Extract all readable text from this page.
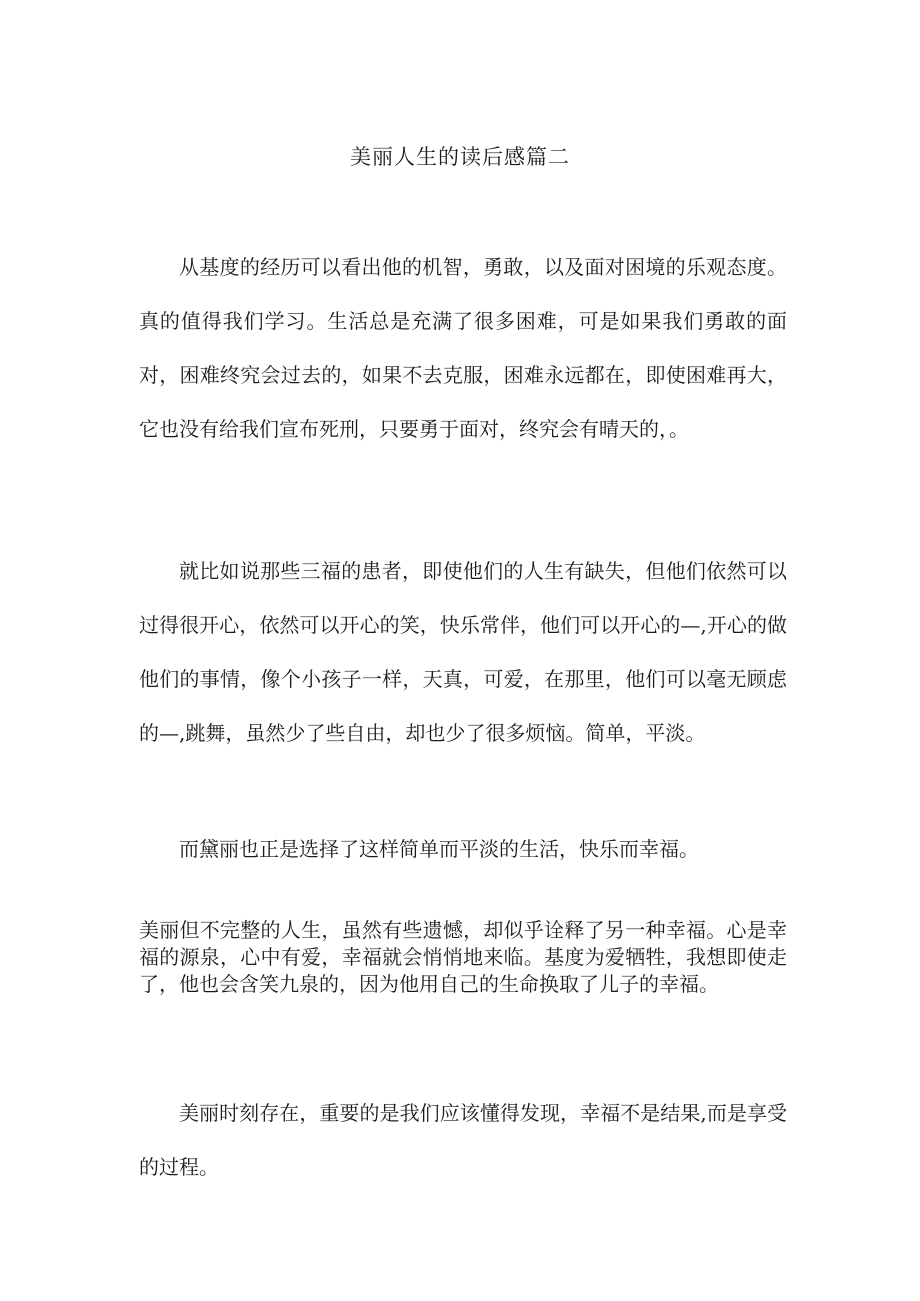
美丽人生的读后感篇二

从基度的经历可以看出他的机智，勇敢，以及面对困境的乐观态度。真的值得我们学习。生活总是充满了很多困难，可是如果我们勇敢的面对，困难终究会过去的，如果不去克服，困难永远都在，即使困难再大，它也没有给我们宣布死刑，只要勇于面对，终究会有晴天的，。

就比如说那些三福的患者，即使他们的人生有缺失，但他们依然可以过得很开心，依然可以开心的笑，快乐常伴，他们可以开心的—,开心的做他们的事情，像个小孩子一样，天真，可爱，在那里，他们可以毫无顾虑的—,跳舞，虽然少了些自由，却也少了很多烦恼。简单，平淡。

而黛丽也正是选择了这样简单而平淡的生活，快乐而幸福。

美丽但不完整的人生，虽然有些遗憾，却似乎诠释了另一种幸福。心是幸福的源泉，心中有爱，幸福就会悄悄地来临。基度为爱牺牲，我想即使走了，他也会含笑九泉的，因为他用自己的生命换取了儿子的幸福。

美丽时刻存在，重要的是我们应该懂得发现，幸福不是结果,而是享受的过程。
